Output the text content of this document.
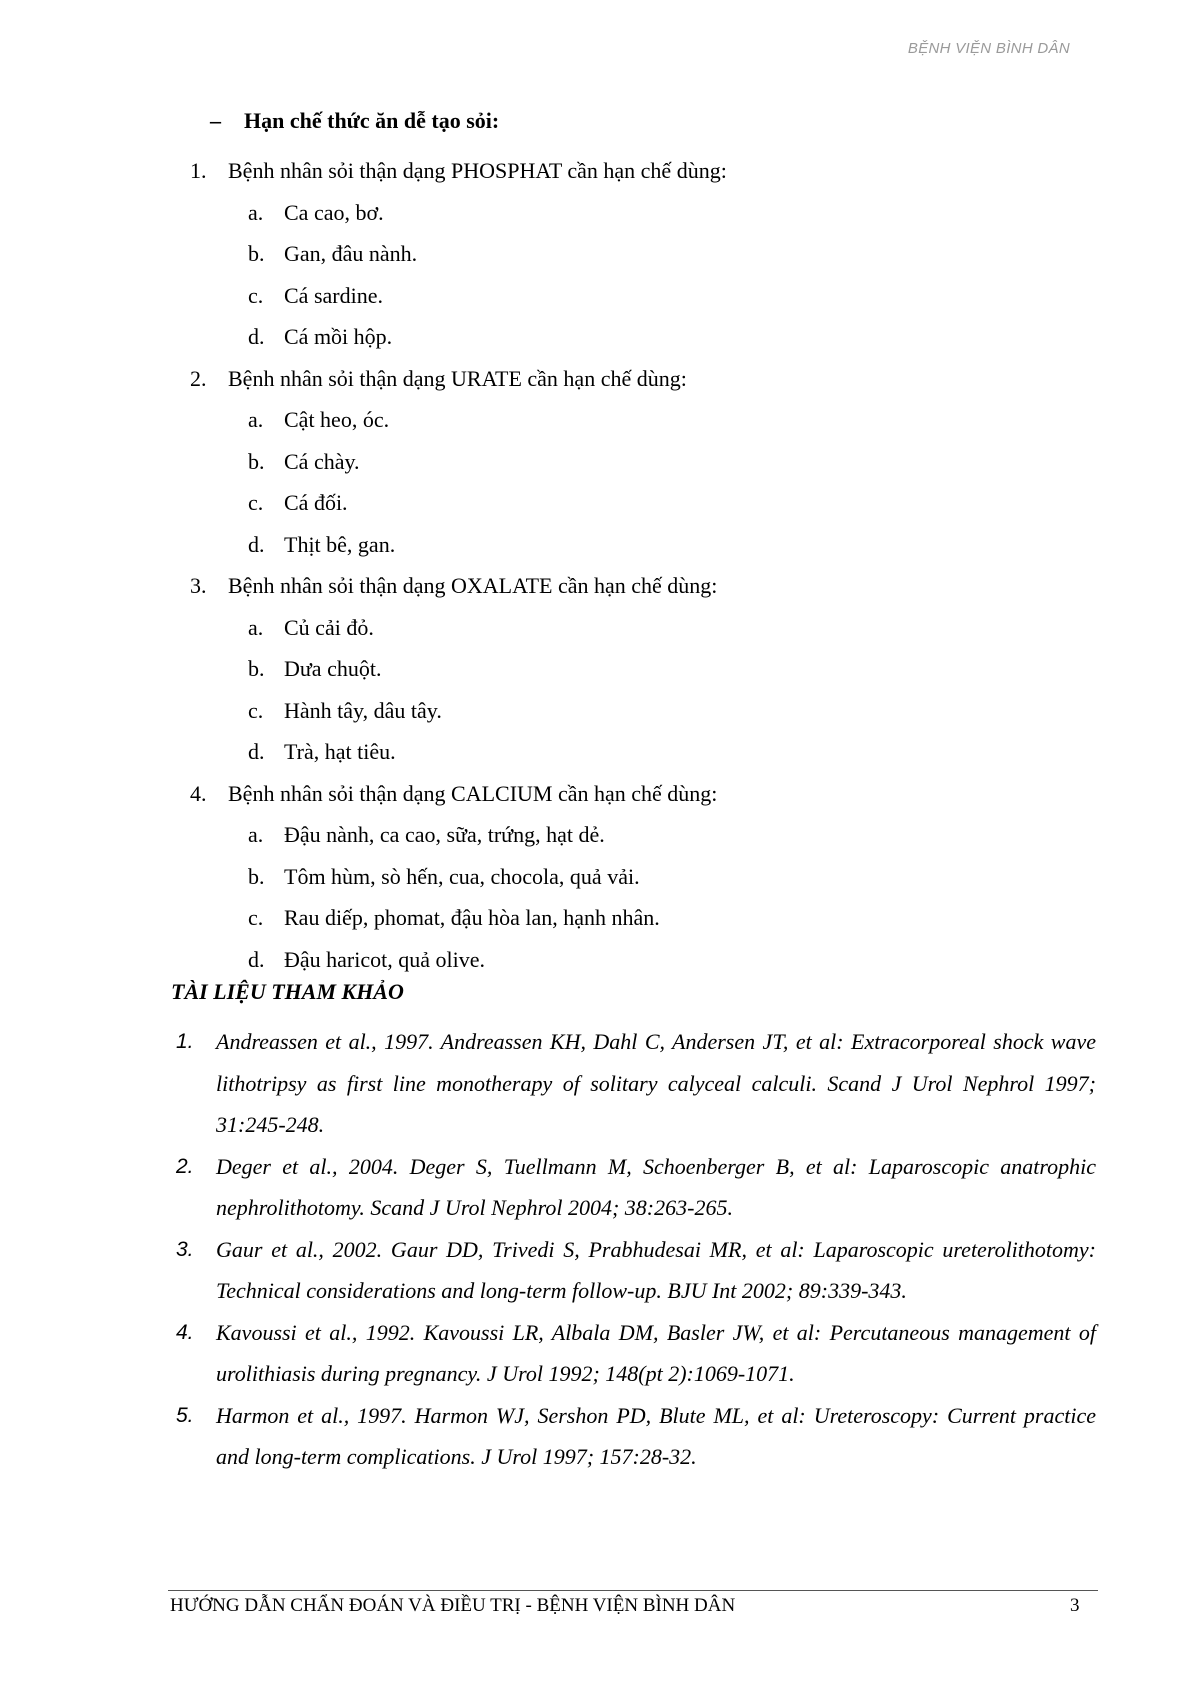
BỆNH VIỆN BÌNH DÂN
– Hạn chế thức ăn dễ tạo sỏi:
1. Bệnh nhân sỏi thận dạng PHOSPHAT cần hạn chế dùng:
a. Ca cao, bơ.
b. Gan, đâu nành.
c. Cá sardine.
d. Cá mồi hộp.
2. Bệnh nhân sỏi thận dạng URATE cần hạn chế dùng:
a. Cật heo, óc.
b. Cá chày.
c. Cá đối.
d. Thịt bê, gan.
3. Bệnh nhân sỏi thận dạng OXALATE cần hạn chế dùng:
a. Củ cải đỏ.
b. Dưa chuột.
c. Hành tây, dâu tây.
d. Trà, hạt tiêu.
4. Bệnh nhân sỏi thận dạng CALCIUM cần hạn chế dùng:
a. Đậu nành, ca cao, sữa, trứng, hạt dẻ.
b. Tôm hùm, sò hến, cua, chocola, quả vải.
c. Rau diếp, phomat, đậu hòa lan, hạnh nhân.
d. Đậu haricot, quả olive.
TÀI LIỆU THAM KHẢO
1.	Andreassen et al., 1997. Andreassen KH, Dahl C, Andersen JT, et al: Extracorporeal shock wave lithotripsy as first line monotherapy of solitary calyceal calculi. Scand J Urol Nephrol 1997; 31:245-248.
2.	Deger et al., 2004. Deger S, Tuellmann M, Schoenberger B, et al: Laparoscopic anatrophic nephrolithotomy. Scand J Urol Nephrol 2004; 38:263-265.
3.	Gaur et al., 2002. Gaur DD, Trivedi S, Prabhudesai MR, et al: Laparoscopic ureterolithotomy: Technical considerations and long-term follow-up. BJU Int 2002; 89:339-343.
4.	Kavoussi et al., 1992. Kavoussi LR, Albala DM, Basler JW, et al: Percutaneous management of urolithiasis during pregnancy. J Urol 1992; 148(pt 2):1069-1071.
5.	Harmon et al., 1997. Harmon WJ, Sershon PD, Blute ML, et al: Ureteroscopy: Current practice and long-term complications. J Urol 1997; 157:28-32.
HƯỚNG DẪN CHẨN ĐOÁN VÀ ĐIỀU TRỊ - BỆNH VIỆN BÌNH DÂN	3
